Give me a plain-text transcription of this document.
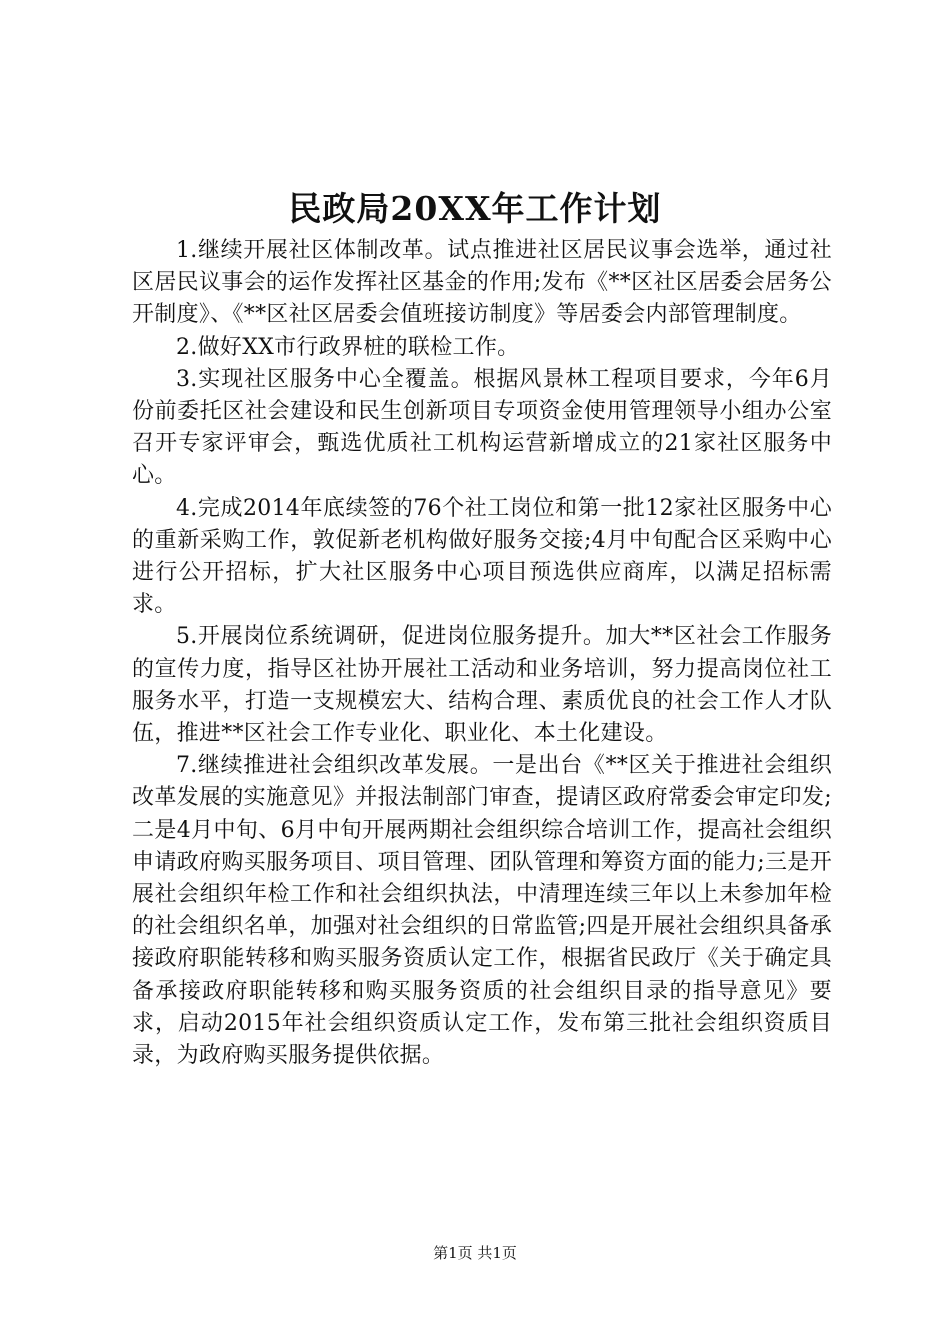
民政局20XX年工作计划

1.继续开展社区体制改革。试点推进社区居民议事会选举，通过社区居民议事会的运作发挥社区基金的作用;发布《**区社区居委会居务公开制度》、《**区社区居委会值班接访制度》等居委会内部管理制度。

2.做好XX市行政界桩的联检工作。

3.实现社区服务中心全覆盖。根据风景林工程项目要求，今年6月份前委托区社会建设和民生创新项目专项资金使用管理领导小组办公室召开专家评审会，甄选优质社工机构运营新增成立的21家社区服务中心。

4.完成2014年底续签的76个社工岗位和第一批12家社区服务中心的重新采购工作，敦促新老机构做好服务交接;4月中旬配合区采购中心进行公开招标，扩大社区服务中心项目预选供应商库，以满足招标需求。

5.开展岗位系统调研，促进岗位服务提升。加大**区社会工作服务的宣传力度，指导区社协开展社工活动和业务培训，努力提高岗位社工服务水平，打造一支规模宏大、结构合理、素质优良的社会工作人才队伍，推进**区社会工作专业化、职业化、本土化建设。

7.继续推进社会组织改革发展。一是出台《**区关于推进社会组织改革发展的实施意见》并报法制部门审查，提请区政府常委会审定印发;二是4月中旬、6月中旬开展两期社会组织综合培训工作，提高社会组织申请政府购买服务项目、项目管理、团队管理和筹资方面的能力;三是开展社会组织年检工作和社会组织执法，中清理连续三年以上未参加年检的社会组织名单，加强对社会组织的日常监管;四是开展社会组织具备承接政府职能转移和购买服务资质认定工作，根据省民政厅《关于确定具备承接政府职能转移和购买服务资质的社会组织目录的指导意见》要求，启动2015年社会组织资质认定工作，发布第三批社会组织资质目录，为政府购买服务提供依据。

第1页 共1页
